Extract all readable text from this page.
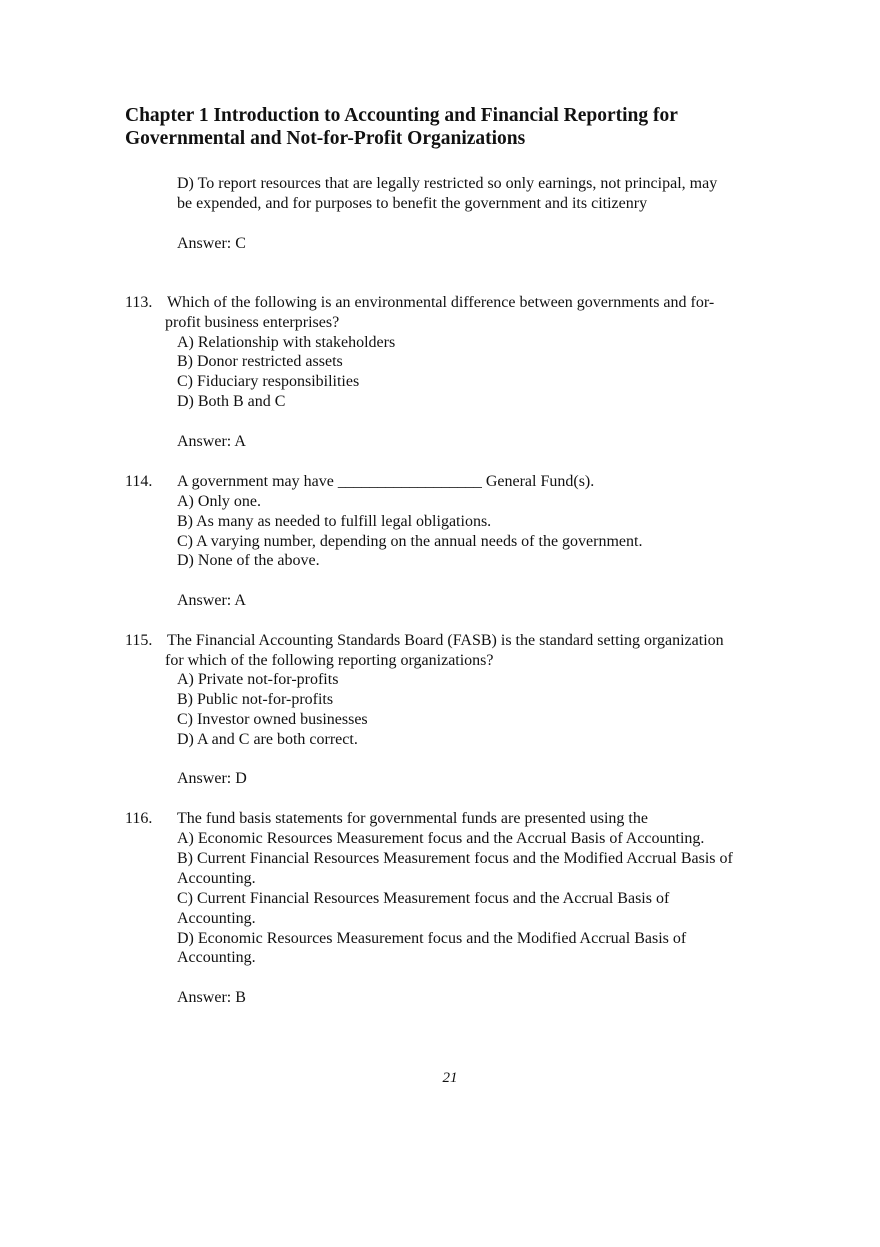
Chapter 1 Introduction to Accounting and Financial Reporting for
Governmental and Not-for-Profit Organizations
D) To report resources that are legally restricted so only earnings, not principal, may
be expended, and for purposes to benefit the government and its citizenry
Answer: C
113. Which of the following is an environmental difference between governments and for-
profit business enterprises?
A) Relationship with stakeholders
B) Donor restricted assets
C) Fiduciary responsibilities
D) Both B and C
Answer: A
114. A government may have __________________ General Fund(s).
A) Only one.
B) As many as needed to fulfill legal obligations.
C) A varying number, depending on the annual needs of the government.
D) None of the above.
Answer: A
115. The Financial Accounting Standards Board (FASB) is the standard setting organization
for which of the following reporting organizations?
A) Private not-for-profits
B) Public not-for-profits
C) Investor owned businesses
D) A and C are both correct.
Answer: D
116. The fund basis statements for governmental funds are presented using the
A) Economic Resources Measurement focus and the Accrual Basis of Accounting.
B) Current Financial Resources Measurement focus and the Modified Accrual Basis of
Accounting.
C) Current Financial Resources Measurement focus and the Accrual Basis of
Accounting.
D) Economic Resources Measurement focus and the Modified Accrual Basis of
Accounting.
Answer: B
21
